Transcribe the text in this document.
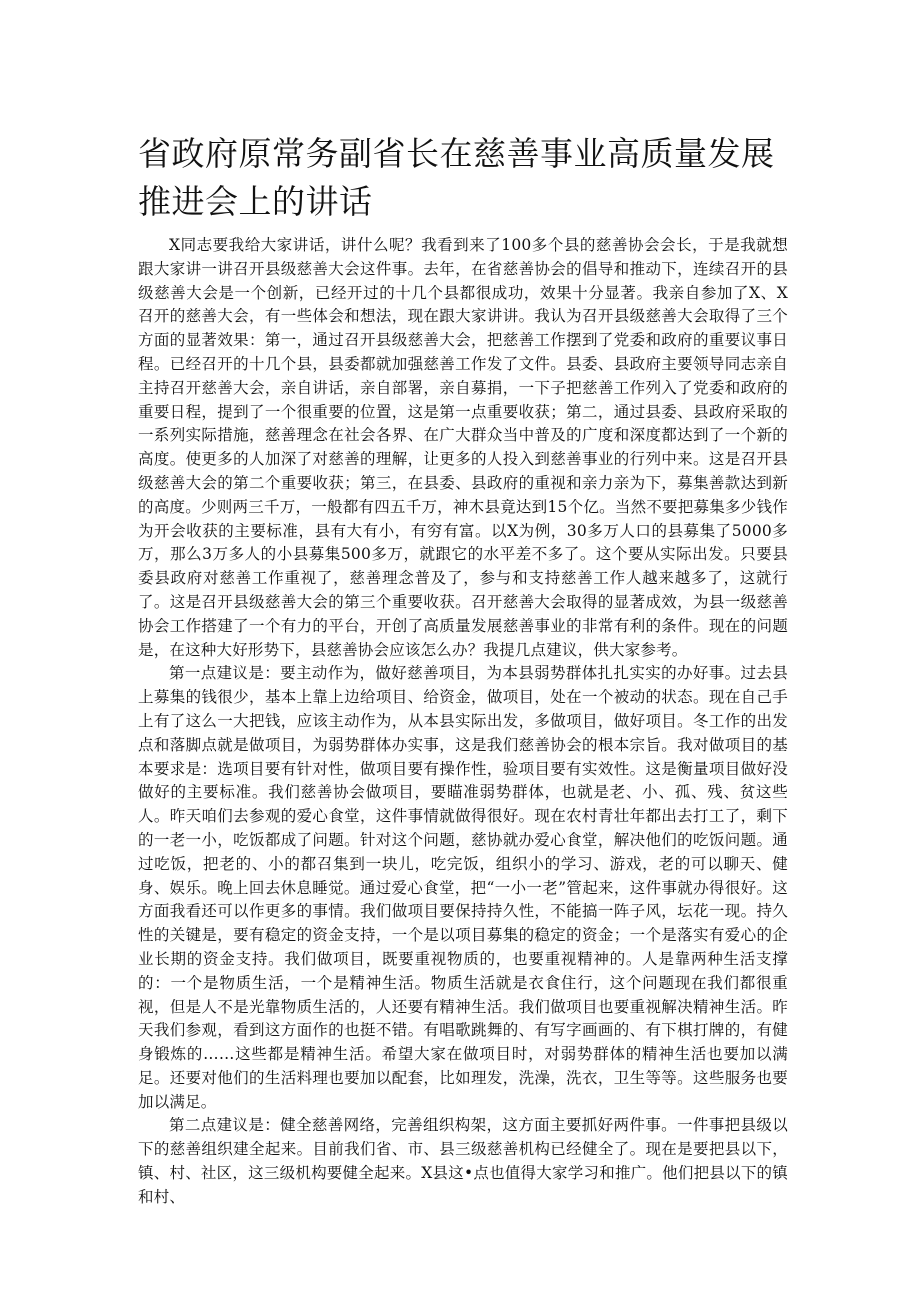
省政府原常务副省长在慈善事业高质量发展推进会上的讲话

X同志要我给大家讲话，讲什么呢？我看到来了100多个县的慈善协会会长，于是我就想跟大家讲一讲召开县级慈善大会这件事。去年，在省慈善协会的倡导和推动下，连续召开的县级慈善大会是一个创新，已经开过的十几个县都很成功，效果十分显著。我亲自参加了X、X召开的慈善大会，有一些体会和想法，现在跟大家讲讲。我认为召开县级慈善大会取得了三个方面的显著效果：第一，通过召开县级慈善大会，把慈善工作摆到了党委和政府的重要议事日程。已经召开的十几个县，县委都就加强慈善工作发了文件。县委、县政府主要领导同志亲自主持召开慈善大会，亲自讲话，亲自部署，亲自募捐，一下子把慈善工作列入了党委和政府的重要日程，提到了一个很重要的位置，这是第一点重要收获；第二，通过县委、县政府采取的一系列实际措施，慈善理念在社会各界、在广大群众当中普及的广度和深度都达到了一个新的高度。使更多的人加深了对慈善的理解，让更多的人投入到慈善事业的行列中来。这是召开县级慈善大会的第二个重要收获；第三，在县委、县政府的重视和亲力亲为下，募集善款达到新的高度。少则两三千万，一般都有四五千万，神木县竟达到15个亿。当然不要把募集多少钱作为开会收获的主要标准，县有大有小，有穷有富。以X为例，30多万人口的县募集了5000多万，那么3万多人的小县募集500多万，就跟它的水平差不多了。这个要从实际出发。只要县委县政府对慈善工作重视了，慈善理念普及了，参与和支持慈善工作人越来越多了，这就行了。这是召开县级慈善大会的第三个重要收获。召开慈善大会取得的显著成效，为县一级慈善协会工作搭建了一个有力的平台，开创了高质量发展慈善事业的非常有利的条件。现在的问题是，在这种大好形势下，县慈善协会应该怎么办？我提几点建议，供大家参考。

第一点建议是：要主动作为，做好慈善项目，为本县弱势群体扎扎实实的办好事。过去县上募集的钱很少，基本上靠上边给项目、给资金，做项目，处在一个被动的状态。现在自己手上有了这么一大把钱，应该主动作为，从本县实际出发，多做项目，做好项目。冬工作的出发点和落脚点就是做项目，为弱势群体办实事，这是我们慈善协会的根本宗旨。我对做项目的基本要求是：选项目要有针对性，做项目要有操作性，验项目要有实效性。这是衡量项目做好没做好的主要标准。我们慈善协会做项目，要瞄准弱势群体，也就是老、小、孤、残、贫这些人。昨天咱们去参观的爱心食堂，这件事情就做得很好。现在农村青壮年都出去打工了，剩下的一老一小，吃饭都成了问题。针对这个问题，慈协就办爱心食堂，解决他们的吃饭问题。通过吃饭，把老的、小的都召集到一块儿，吃完饭，组织小的学习、游戏，老的可以聊天、健身、娱乐。晚上回去休息睡觉。通过爱心食堂，把“一小一老”管起来，这件事就办得很好。这方面我看还可以作更多的事情。我们做项目要保持持久性，不能搞一阵子风，坛花一现。持久性的关键是，要有稳定的资金支持，一个是以项目募集的稳定的资金；一个是落实有爱心的企业长期的资金支持。我们做项目，既要重视物质的，也要重视精神的。人是靠两种生活支撑的：一个是物质生活，一个是精神生活。物质生活就是衣食住行，这个问题现在我们都很重视，但是人不是光靠物质生活的，人还要有精神生活。我们做项目也要重视解决精神生活。昨天我们参观，看到这方面作的也挺不错。有唱歌跳舞的、有写字画画的、有下棋打牌的，有健身锻炼的……这些都是精神生活。希望大家在做项目时，对弱势群体的精神生活也要加以满足。还要对他们的生活料理也要加以配套，比如理发，洗澡，洗衣，卫生等等。这些服务也要加以满足。

第二点建议是：健全慈善网络，完善组织构架，这方面主要抓好两件事。一件事把县级以下的慈善组织建全起来。目前我们省、市、县三级慈善机构已经健全了。现在是要把县以下，镇、村、社区，这三级机构要健全起来。X县这•点也值得大家学习和推广。他们把县以下的镇和村、
